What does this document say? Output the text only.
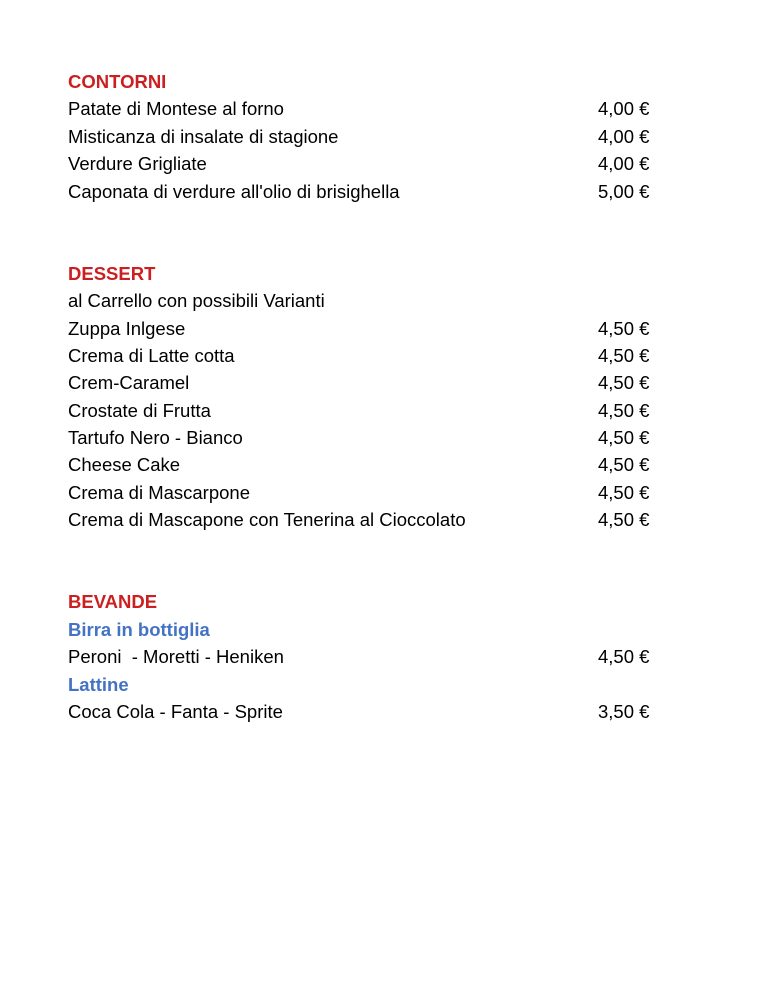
CONTORNI
Patate di Montese al forno	4,00 €
Misticanza di insalate di stagione	4,00 €
Verdure Grigliate	4,00 €
Caponata di verdure all'olio di brisighella	5,00 €
DESSERT
al Carrello con possibili Varianti
Zuppa Inlgese	4,50 €
Crema di Latte cotta	4,50 €
Crem-Caramel	4,50 €
Crostate di Frutta	4,50 €
Tartufo Nero - Bianco	4,50 €
Cheese Cake	4,50 €
Crema di Mascarpone	4,50 €
Crema di Mascapone con Tenerina al Cioccolato	4,50 €
BEVANDE
Birra in bottiglia
Peroni  - Moretti - Heniken	4,50 €
Lattine
Coca Cola - Fanta - Sprite	3,50 €
